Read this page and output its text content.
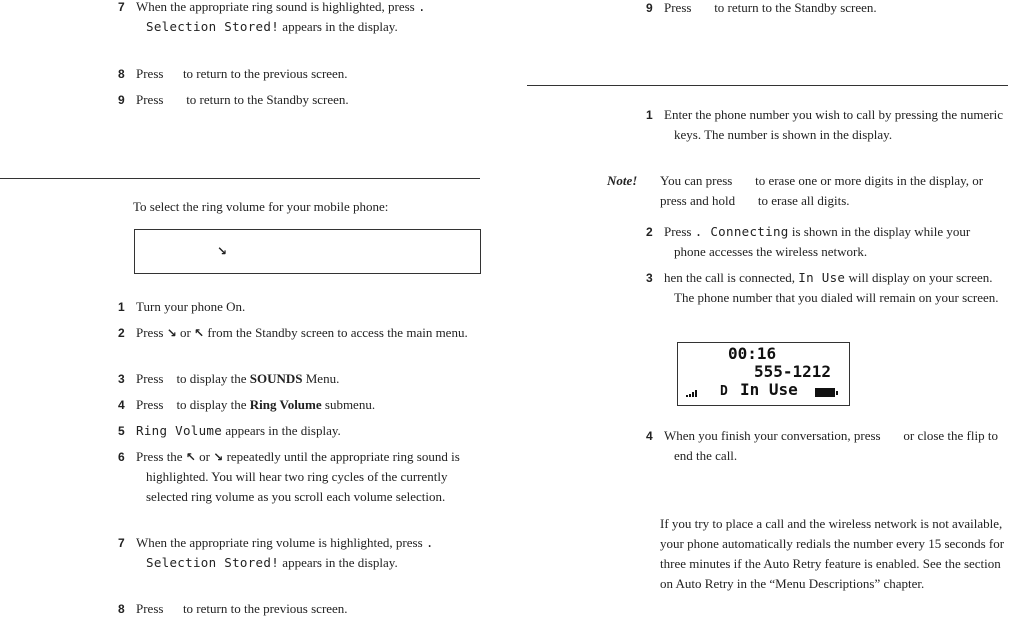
7 When the appropriate ring sound is highlighted, press . Selection Stored! appears in the display.
8 Press      to return to the previous screen.
9 Press       to return to the Standby screen.
To select the ring volume for your mobile phone:
↘
1 Turn your phone On.
2 Press ↘ or ↖ from the Standby screen to access the main menu.
3 Press    to display the SOUNDS Menu.
4 Press    to display the Ring Volume submenu.
5 Ring Volume appears in the display.
6 Press the ↖ or ↘ repeatedly until the appropriate ring sound is highlighted. You will hear two ring cycles of the currently selected ring volume as you scroll each volume selection.
7 When the appropriate ring volume is highlighted, press . Selection Stored! appears in the display.
8 Press      to return to the previous screen.
9 Press       to return to the Standby screen.
1 Enter the phone number you wish to call by pressing the numeric keys. The number is shown in the display.
Note! You can press       to erase one or more digits in the display, or press and hold       to erase all digits.
2 Press . Connecting is shown in the display while your phone accesses the wireless network.
3 hen the call is connected, In Use will display on your screen. The phone number that you dialed will remain on your screen.
00:16
555-1212
D In Use
4 When you finish your conversation, press       or close the flip to end the call.
If you try to place a call and the wireless network is not available, your phone automatically redials the number every 15 seconds for three minutes if the Auto Retry feature is enabled. See the section on Auto Retry in the “Menu Descriptions” chapter.
